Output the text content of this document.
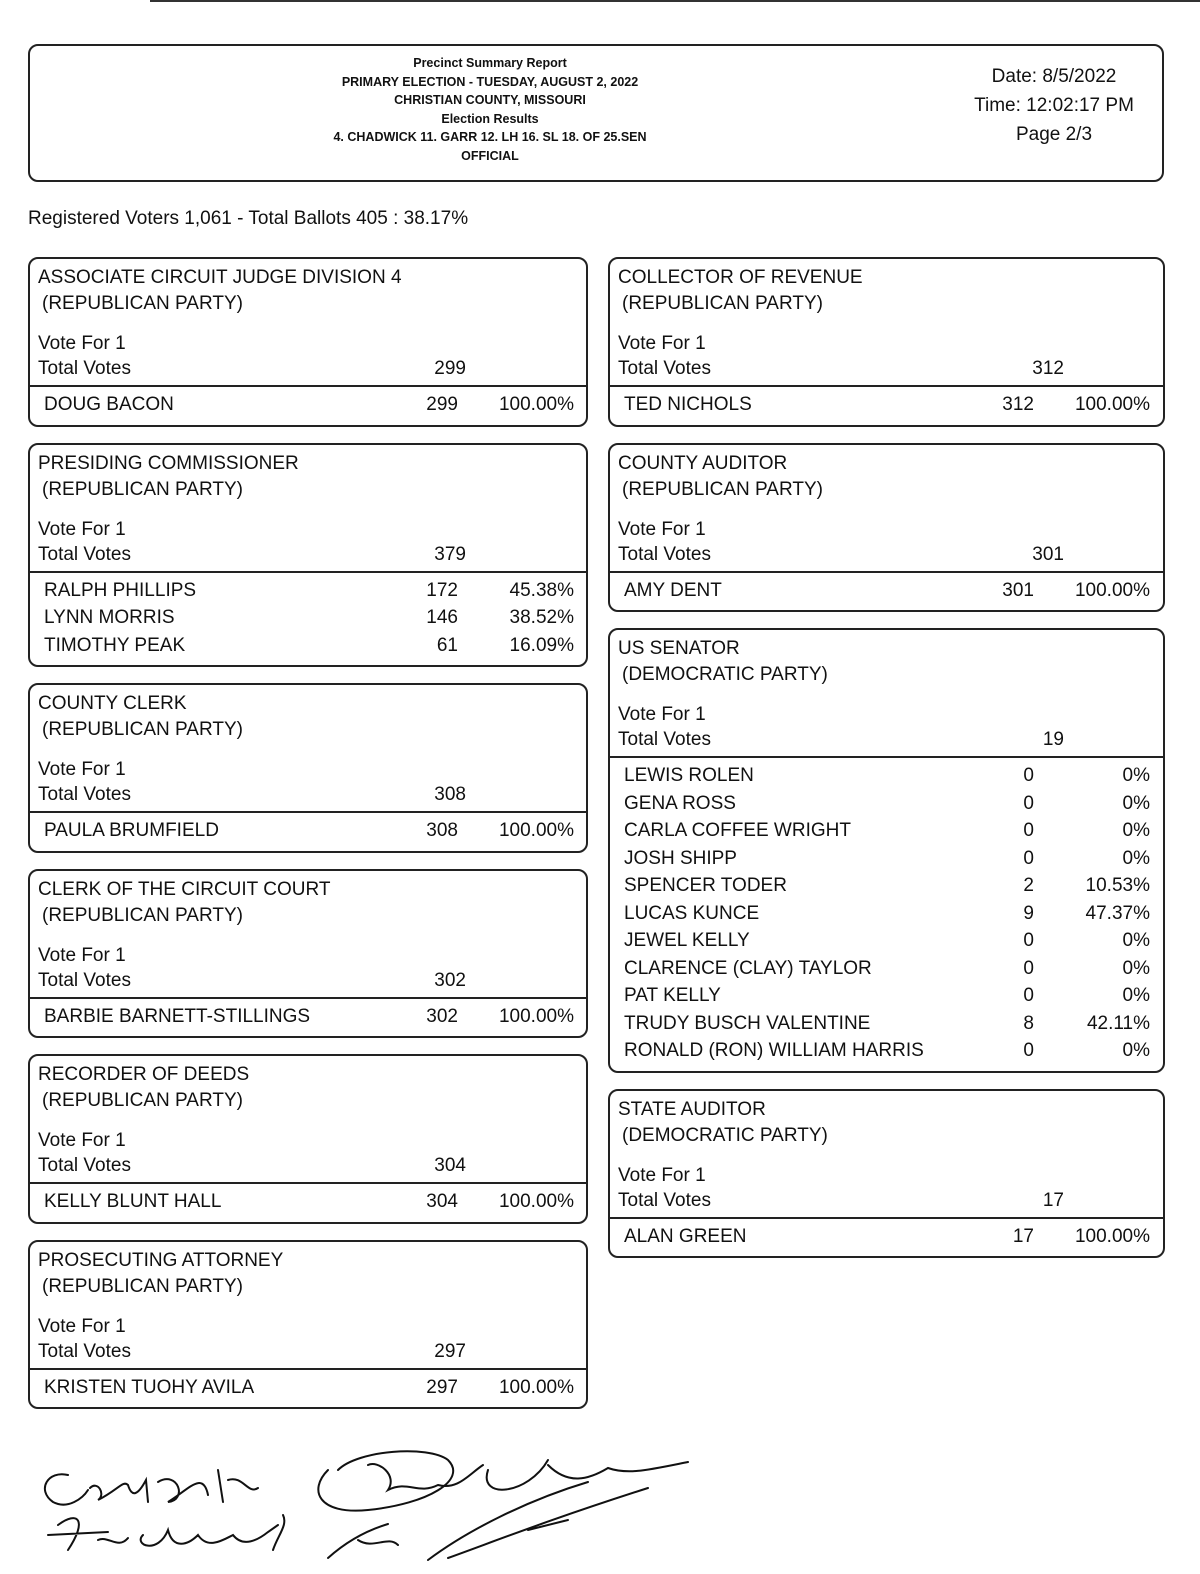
Precinct Summary Report
PRIMARY ELECTION - TUESDAY, AUGUST 2, 2022
CHRISTIAN COUNTY, MISSOURI
Election Results
4. CHADWICK 11. GARR 12. LH 16. SL 18. OF 25.SEN
OFFICIAL
Date: 8/5/2022
Time: 12:02:17 PM
Page 2/3
Registered Voters 1,061 - Total Ballots 405 : 38.17%
ASSOCIATE CIRCUIT JUDGE DIVISION 4
(REPUBLICAN PARTY)
Vote For 1
Total Votes	299
DOUG BACON	299	100.00%
PRESIDING COMMISSIONER
(REPUBLICAN PARTY)
Vote For 1
Total Votes	379
RALPH PHILLIPS	172	45.38%
LYNN MORRIS	146	38.52%
TIMOTHY PEAK	61	16.09%
COUNTY CLERK
(REPUBLICAN PARTY)
Vote For 1
Total Votes	308
PAULA BRUMFIELD	308	100.00%
CLERK OF THE CIRCUIT COURT
(REPUBLICAN PARTY)
Vote For 1
Total Votes	302
BARBIE BARNETT-STILLINGS	302	100.00%
RECORDER OF DEEDS
(REPUBLICAN PARTY)
Vote For 1
Total Votes	304
KELLY BLUNT HALL	304	100.00%
PROSECUTING ATTORNEY
(REPUBLICAN PARTY)
Vote For 1
Total Votes	297
KRISTEN TUOHY AVILA	297	100.00%
COLLECTOR OF REVENUE
(REPUBLICAN PARTY)
Vote For 1
Total Votes	312
TED NICHOLS	312	100.00%
COUNTY AUDITOR
(REPUBLICAN PARTY)
Vote For 1
Total Votes	301
AMY DENT	301	100.00%
US SENATOR
(DEMOCRATIC PARTY)
Vote For 1
Total Votes	19
LEWIS ROLEN	0	0%
GENA ROSS	0	0%
CARLA COFFEE WRIGHT	0	0%
JOSH SHIPP	0	0%
SPENCER TODER	2	10.53%
LUCAS KUNCE	9	47.37%
JEWEL KELLY	0	0%
CLARENCE (CLAY) TAYLOR	0	0%
PAT KELLY	0	0%
TRUDY BUSCH VALENTINE	8	42.11%
RONALD (RON) WILLIAM HARRIS	0	0%
STATE AUDITOR
(DEMOCRATIC PARTY)
Vote For 1
Total Votes	17
ALAN GREEN	17	100.00%
